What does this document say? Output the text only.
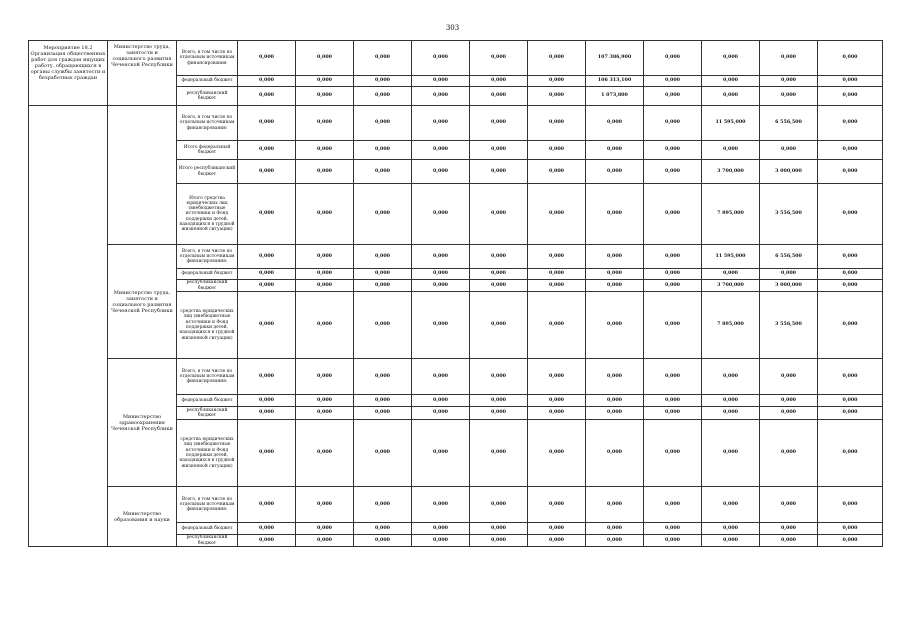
303
Мероприятие 18.2 Организация общественных работ для граждан ищущих работу, обращающихся в органы службы занятости и безработных граждан	Министерство труда, занятости и социального развития Чеченской Республики	Всего, в том числе по отдельным источникам финансирования	0,000	0,000	0,000	0,000	0,000	0,000	107 386,900	0,000	0,000	0,000	0,000
		федеральный бюджет	0,000	0,000	0,000	0,000	0,000	0,000	106 313,100	0,000	0,000	0,000	0,000
		республиканский бюджет	0,000	0,000	0,000	0,000	0,000	0,000	1 073,800	0,000	0,000	0,000	0,000
		Всего, в том числе по отдельным источникам финансирования:	0,000	0,000	0,000	0,000	0,000	0,000	0,000	0,000	11 595,000	6 556,500	0,000
		Итого федеральный бюджет	0,000	0,000	0,000	0,000	0,000	0,000	0,000	0,000	0,000	0,000	0,000
		Итого республиканский бюджет	0,000	0,000	0,000	0,000	0,000	0,000	0,000	0,000	3 700,000	3 000,000	0,000
		Итого средства юридических лиц (внебюджетные источники и Фонд поддержки детей, находящихся в трудной жизненной ситуации)	0,000	0,000	0,000	0,000	0,000	0,000	0,000	0,000	7 895,000	3 556,500	0,000
	Министерство труда, занятости и социального развития Чеченской Республики	Всего, в том числе по отдельным источникам финансирования:	0,000	0,000	0,000	0,000	0,000	0,000	0,000	0,000	11 595,000	6 556,500	0,000
		федеральный бюджет	0,000	0,000	0,000	0,000	0,000	0,000	0,000	0,000	0,000	0,000	0,000
		республиканский бюджет	0,000	0,000	0,000	0,000	0,000	0,000	0,000	0,000	3 700,000	3 000,000	0,000
		средства юридических лиц (внебюджетные источники и Фонд поддержки детей, находящихся в трудной жизненной ситуации)	0,000	0,000	0,000	0,000	0,000	0,000	0,000	0,000	7 895,000	3 556,500	0,000
	Министерство здравоохранения Чеченской Республики	Всего, в том числе по отдельным источникам финансирования:	0,000	0,000	0,000	0,000	0,000	0,000	0,000	0,000	0,000	0,000	0,000
		федеральный бюджет	0,000	0,000	0,000	0,000	0,000	0,000	0,000	0,000	0,000	0,000	0,000
		республиканский бюджет	0,000	0,000	0,000	0,000	0,000	0,000	0,000	0,000	0,000	0,000	0,000
		средства юридических лиц (внебюджетные источники и Фонд поддержки детей, находящихся в трудной жизненной ситуации)	0,000	0,000	0,000	0,000	0,000	0,000	0,000	0,000	0,000	0,000	0,000
	Министерство образования и науки	Всего, в том числе по отдельным источникам финансирования:	0,000	0,000	0,000	0,000	0,000	0,000	0,000	0,000	0,000	0,000	0,000
		федеральный бюджет	0,000	0,000	0,000	0,000	0,000	0,000	0,000	0,000	0,000	0,000	0,000
		республиканский бюджет	0,000	0,000	0,000	0,000	0,000	0,000	0,000	0,000	0,000	0,000	0,000
